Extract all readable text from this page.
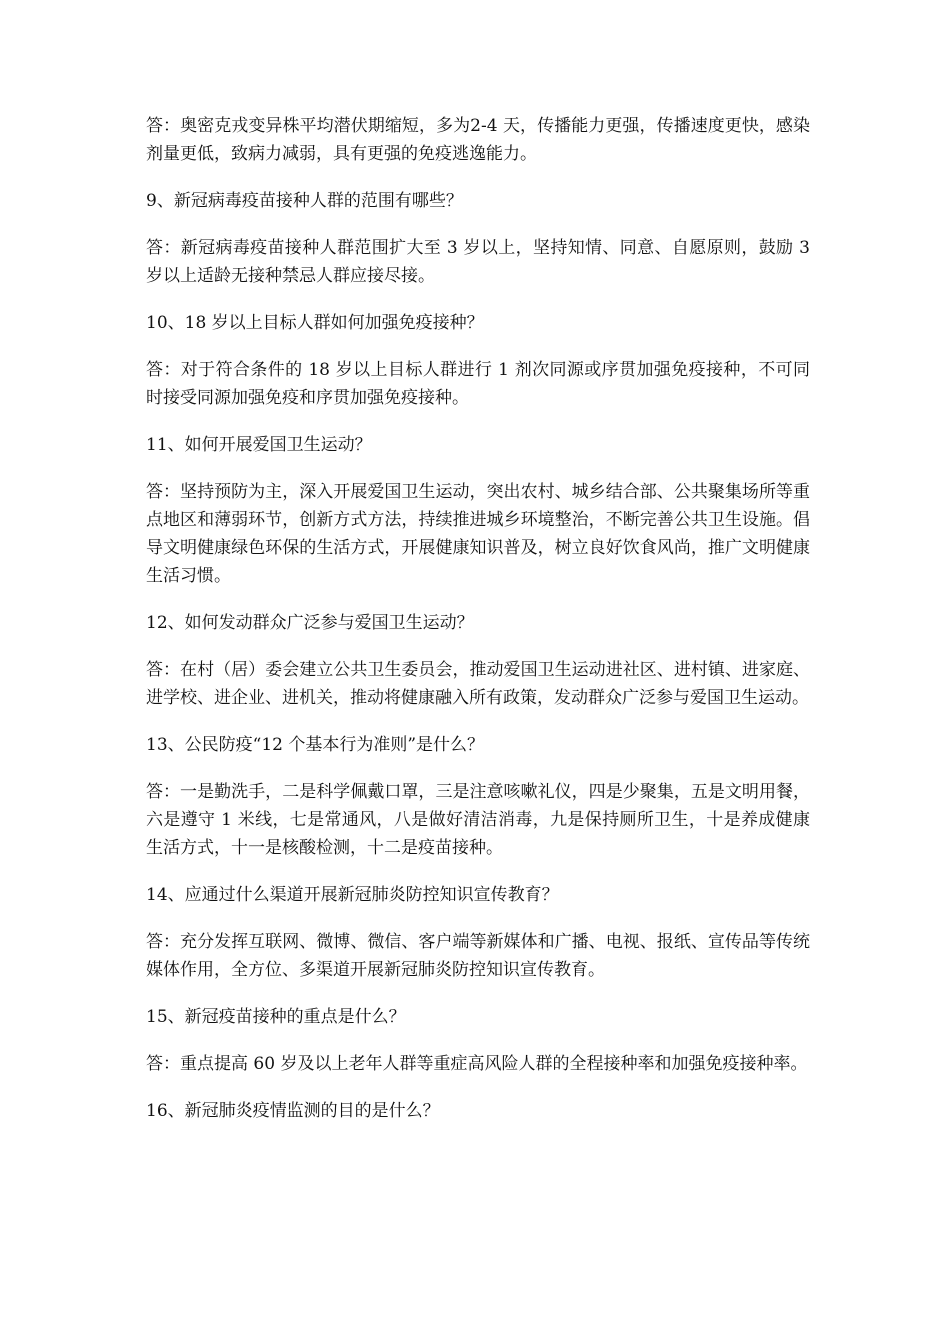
答：奥密克戎变异株平均潜伏期缩短，多为2-4 天，传播能力更强，传播速度更快，感染剂量更低，致病力减弱，具有更强的免疫逃逸能力。

9、新冠病毒疫苗接种人群的范围有哪些？

答：新冠病毒疫苗接种人群范围扩大至 3 岁以上，坚持知情、同意、自愿原则，鼓励 3 岁以上适龄无接种禁忌人群应接尽接。

10、18 岁以上目标人群如何加强免疫接种？

答：对于符合条件的 18 岁以上目标人群进行 1 剂次同源或序贯加强免疫接种，不可同时接受同源加强免疫和序贯加强免疫接种。

11、如何开展爱国卫生运动？

答：坚持预防为主，深入开展爱国卫生运动，突出农村、城乡结合部、公共聚集场所等重点地区和薄弱环节，创新方式方法，持续推进城乡环境整治，不断完善公共卫生设施。倡导文明健康绿色环保的生活方式，开展健康知识普及，树立良好饮食风尚，推广文明健康生活习惯。

12、如何发动群众广泛参与爱国卫生运动？

答：在村（居）委会建立公共卫生委员会，推动爱国卫生运动进社区、进村镇、进家庭、进学校、进企业、进机关，推动将健康融入所有政策，发动群众广泛参与爱国卫生运动。

13、公民防疫“12 个基本行为准则”是什么？

答：一是勤洗手，二是科学佩戴口罩，三是注意咳嗽礼仪，四是少聚集，五是文明用餐，六是遵守 1 米线，七是常通风，八是做好清洁消毒，九是保持厕所卫生，十是养成健康生活方式，十一是核酸检测，十二是疫苗接种。

14、应通过什么渠道开展新冠肺炎防控知识宣传教育？

答：充分发挥互联网、微博、微信、客户端等新媒体和广播、电视、报纸、宣传品等传统媒体作用，全方位、多渠道开展新冠肺炎防控知识宣传教育。

15、新冠疫苗接种的重点是什么？

答：重点提高 60 岁及以上老年人群等重症高风险人群的全程接种率和加强免疫接种率。

16、新冠肺炎疫情监测的目的是什么？
